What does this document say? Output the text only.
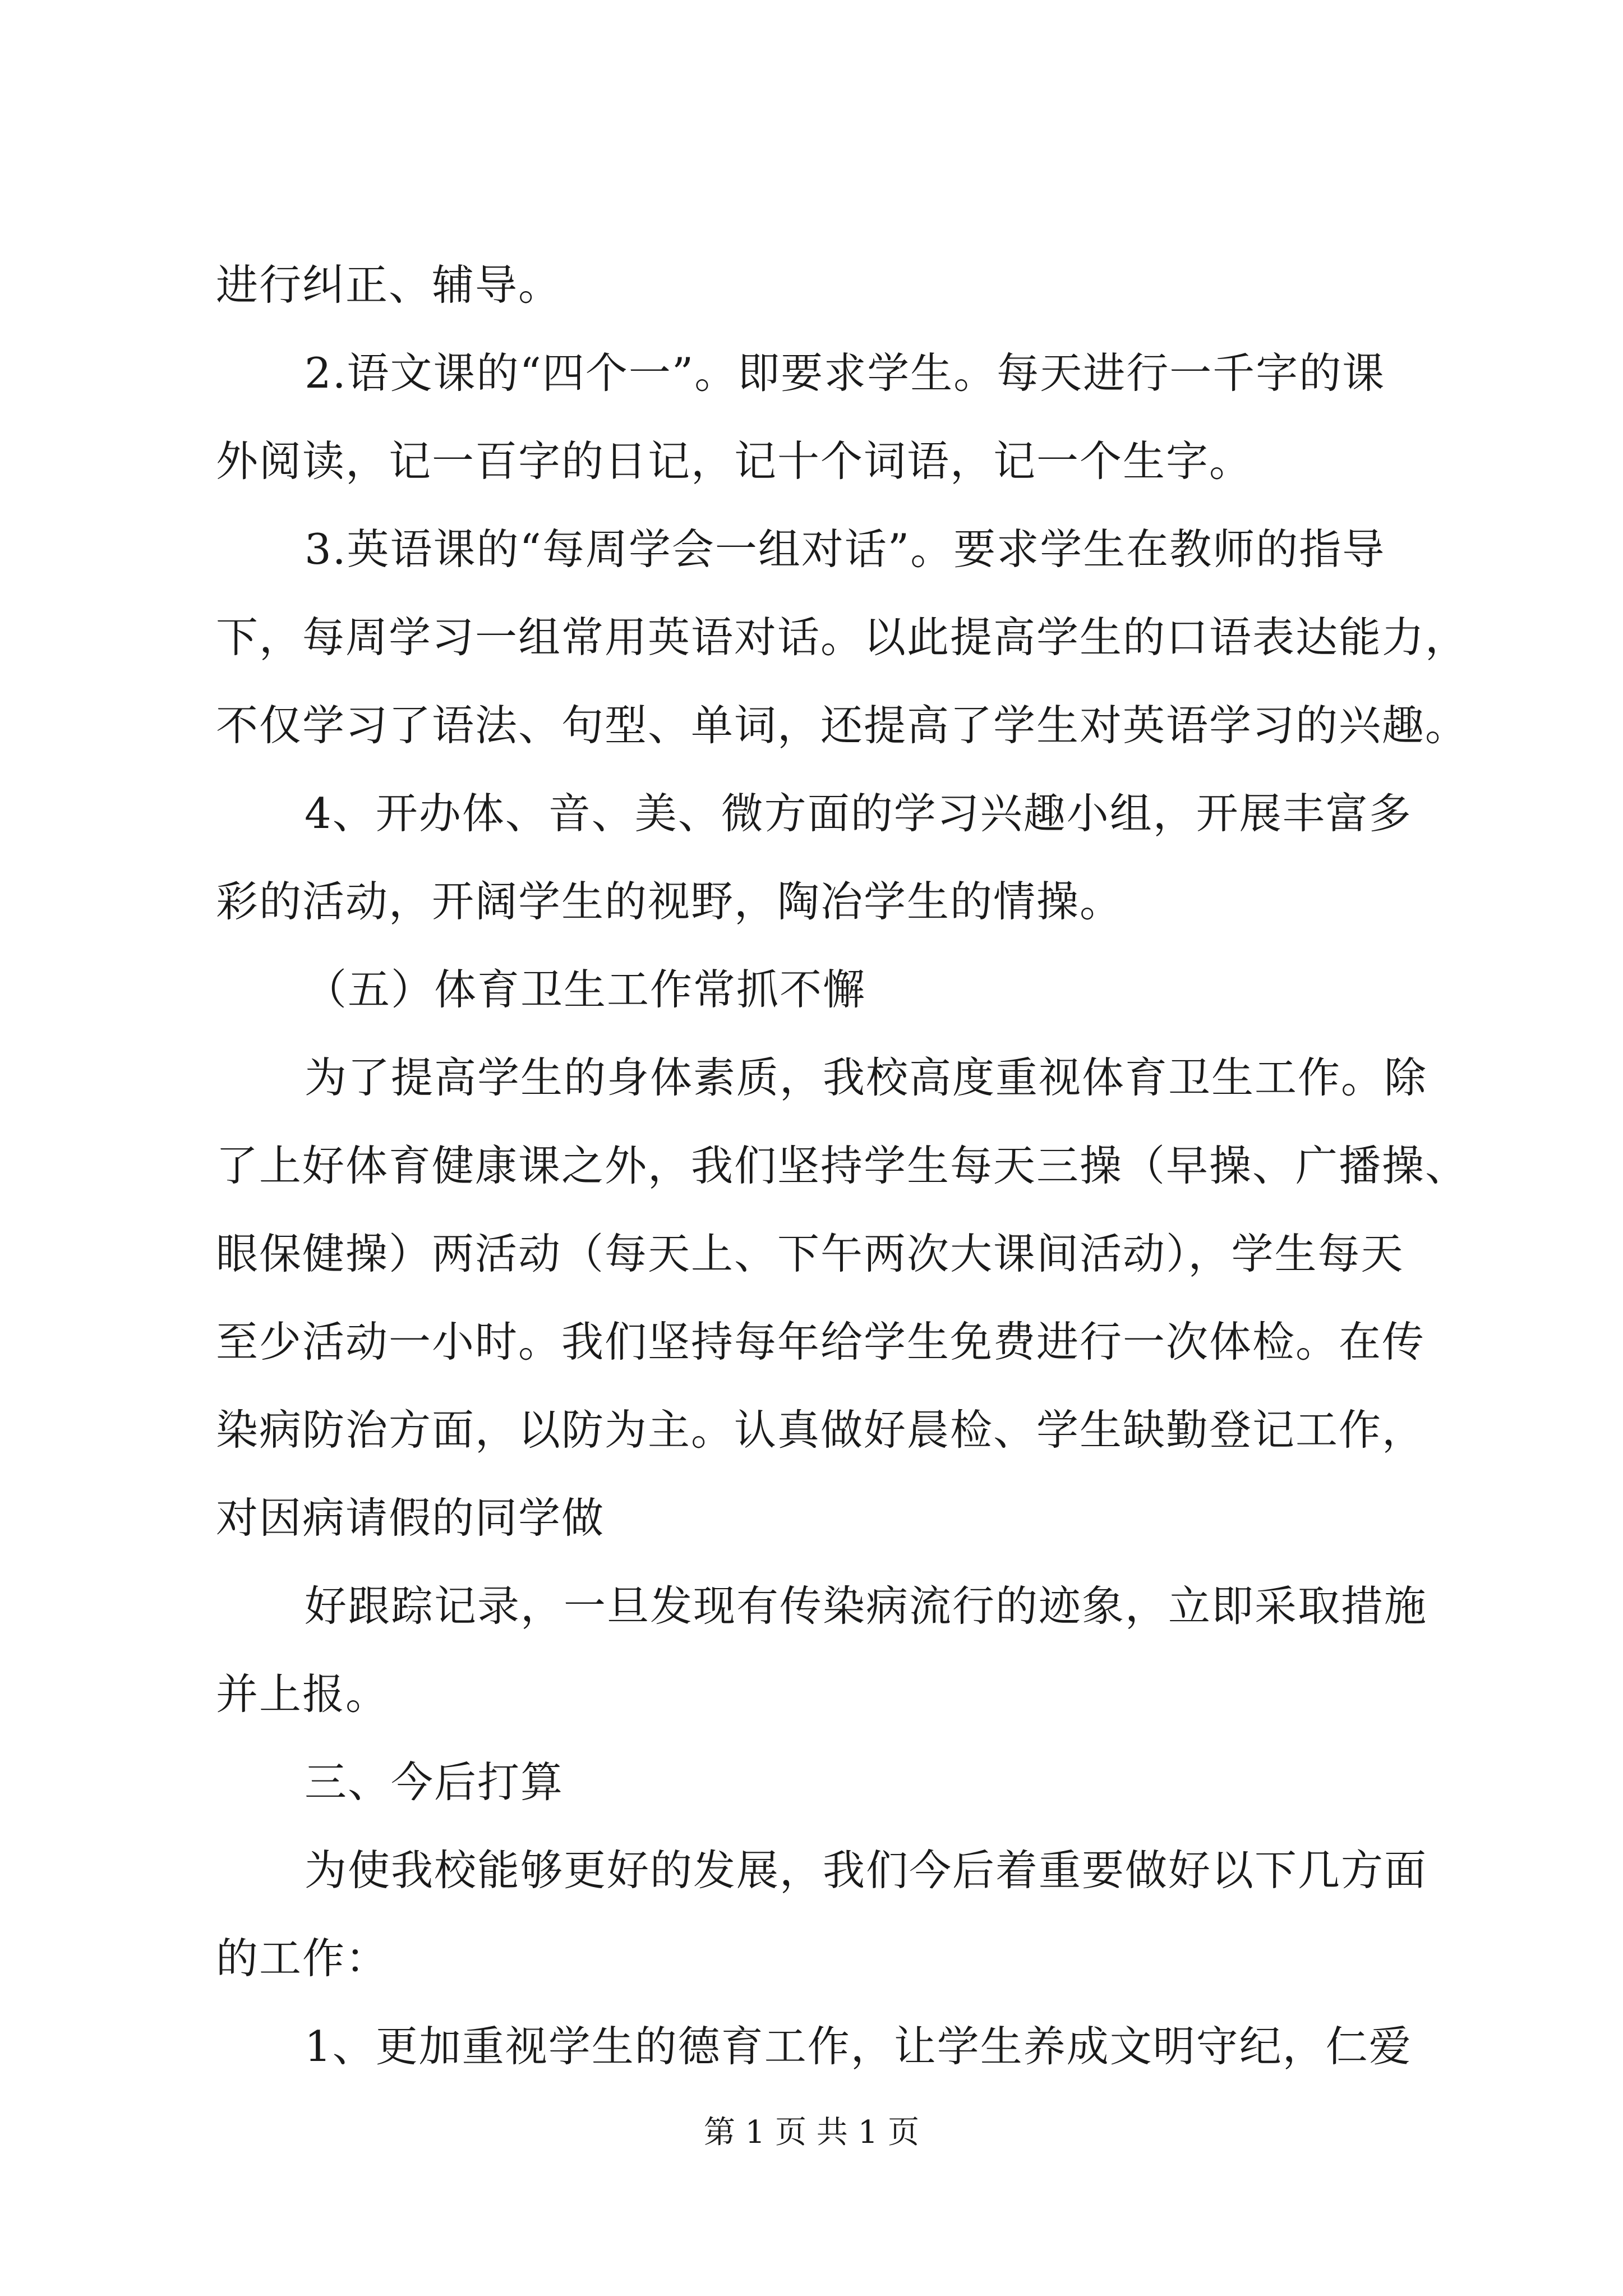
进行纠正、辅导。
2.语文课的“四个一”。即要求学生。每天进行一千字的课
外阅读，记一百字的日记，记十个词语，记一个生字。
3.英语课的“每周学会一组对话”。要求学生在教师的指导
下，每周学习一组常用英语对话。以此提高学生的口语表达能力，
不仅学习了语法、句型、单词，还提高了学生对英语学习的兴趣。
4、开办体、音、美、微方面的学习兴趣小组，开展丰富多
彩的活动，开阔学生的视野，陶冶学生的情操。
（五）体育卫生工作常抓不懈
为了提高学生的身体素质，我校高度重视体育卫生工作。除
了上好体育健康课之外，我们坚持学生每天三操（早操、广播操、
眼保健操）两活动（每天上、下午两次大课间活动），学生每天
至少活动一小时。我们坚持每年给学生免费进行一次体检。在传
染病防治方面，以防为主。认真做好晨检、学生缺勤登记工作，
对因病请假的同学做
好跟踪记录，一旦发现有传染病流行的迹象，立即采取措施
并上报。
三、今后打算
为使我校能够更好的发展，我们今后着重要做好以下几方面
的工作：
1、更加重视学生的德育工作，让学生养成文明守纪，仁爱
第 1 页 共 1 页
